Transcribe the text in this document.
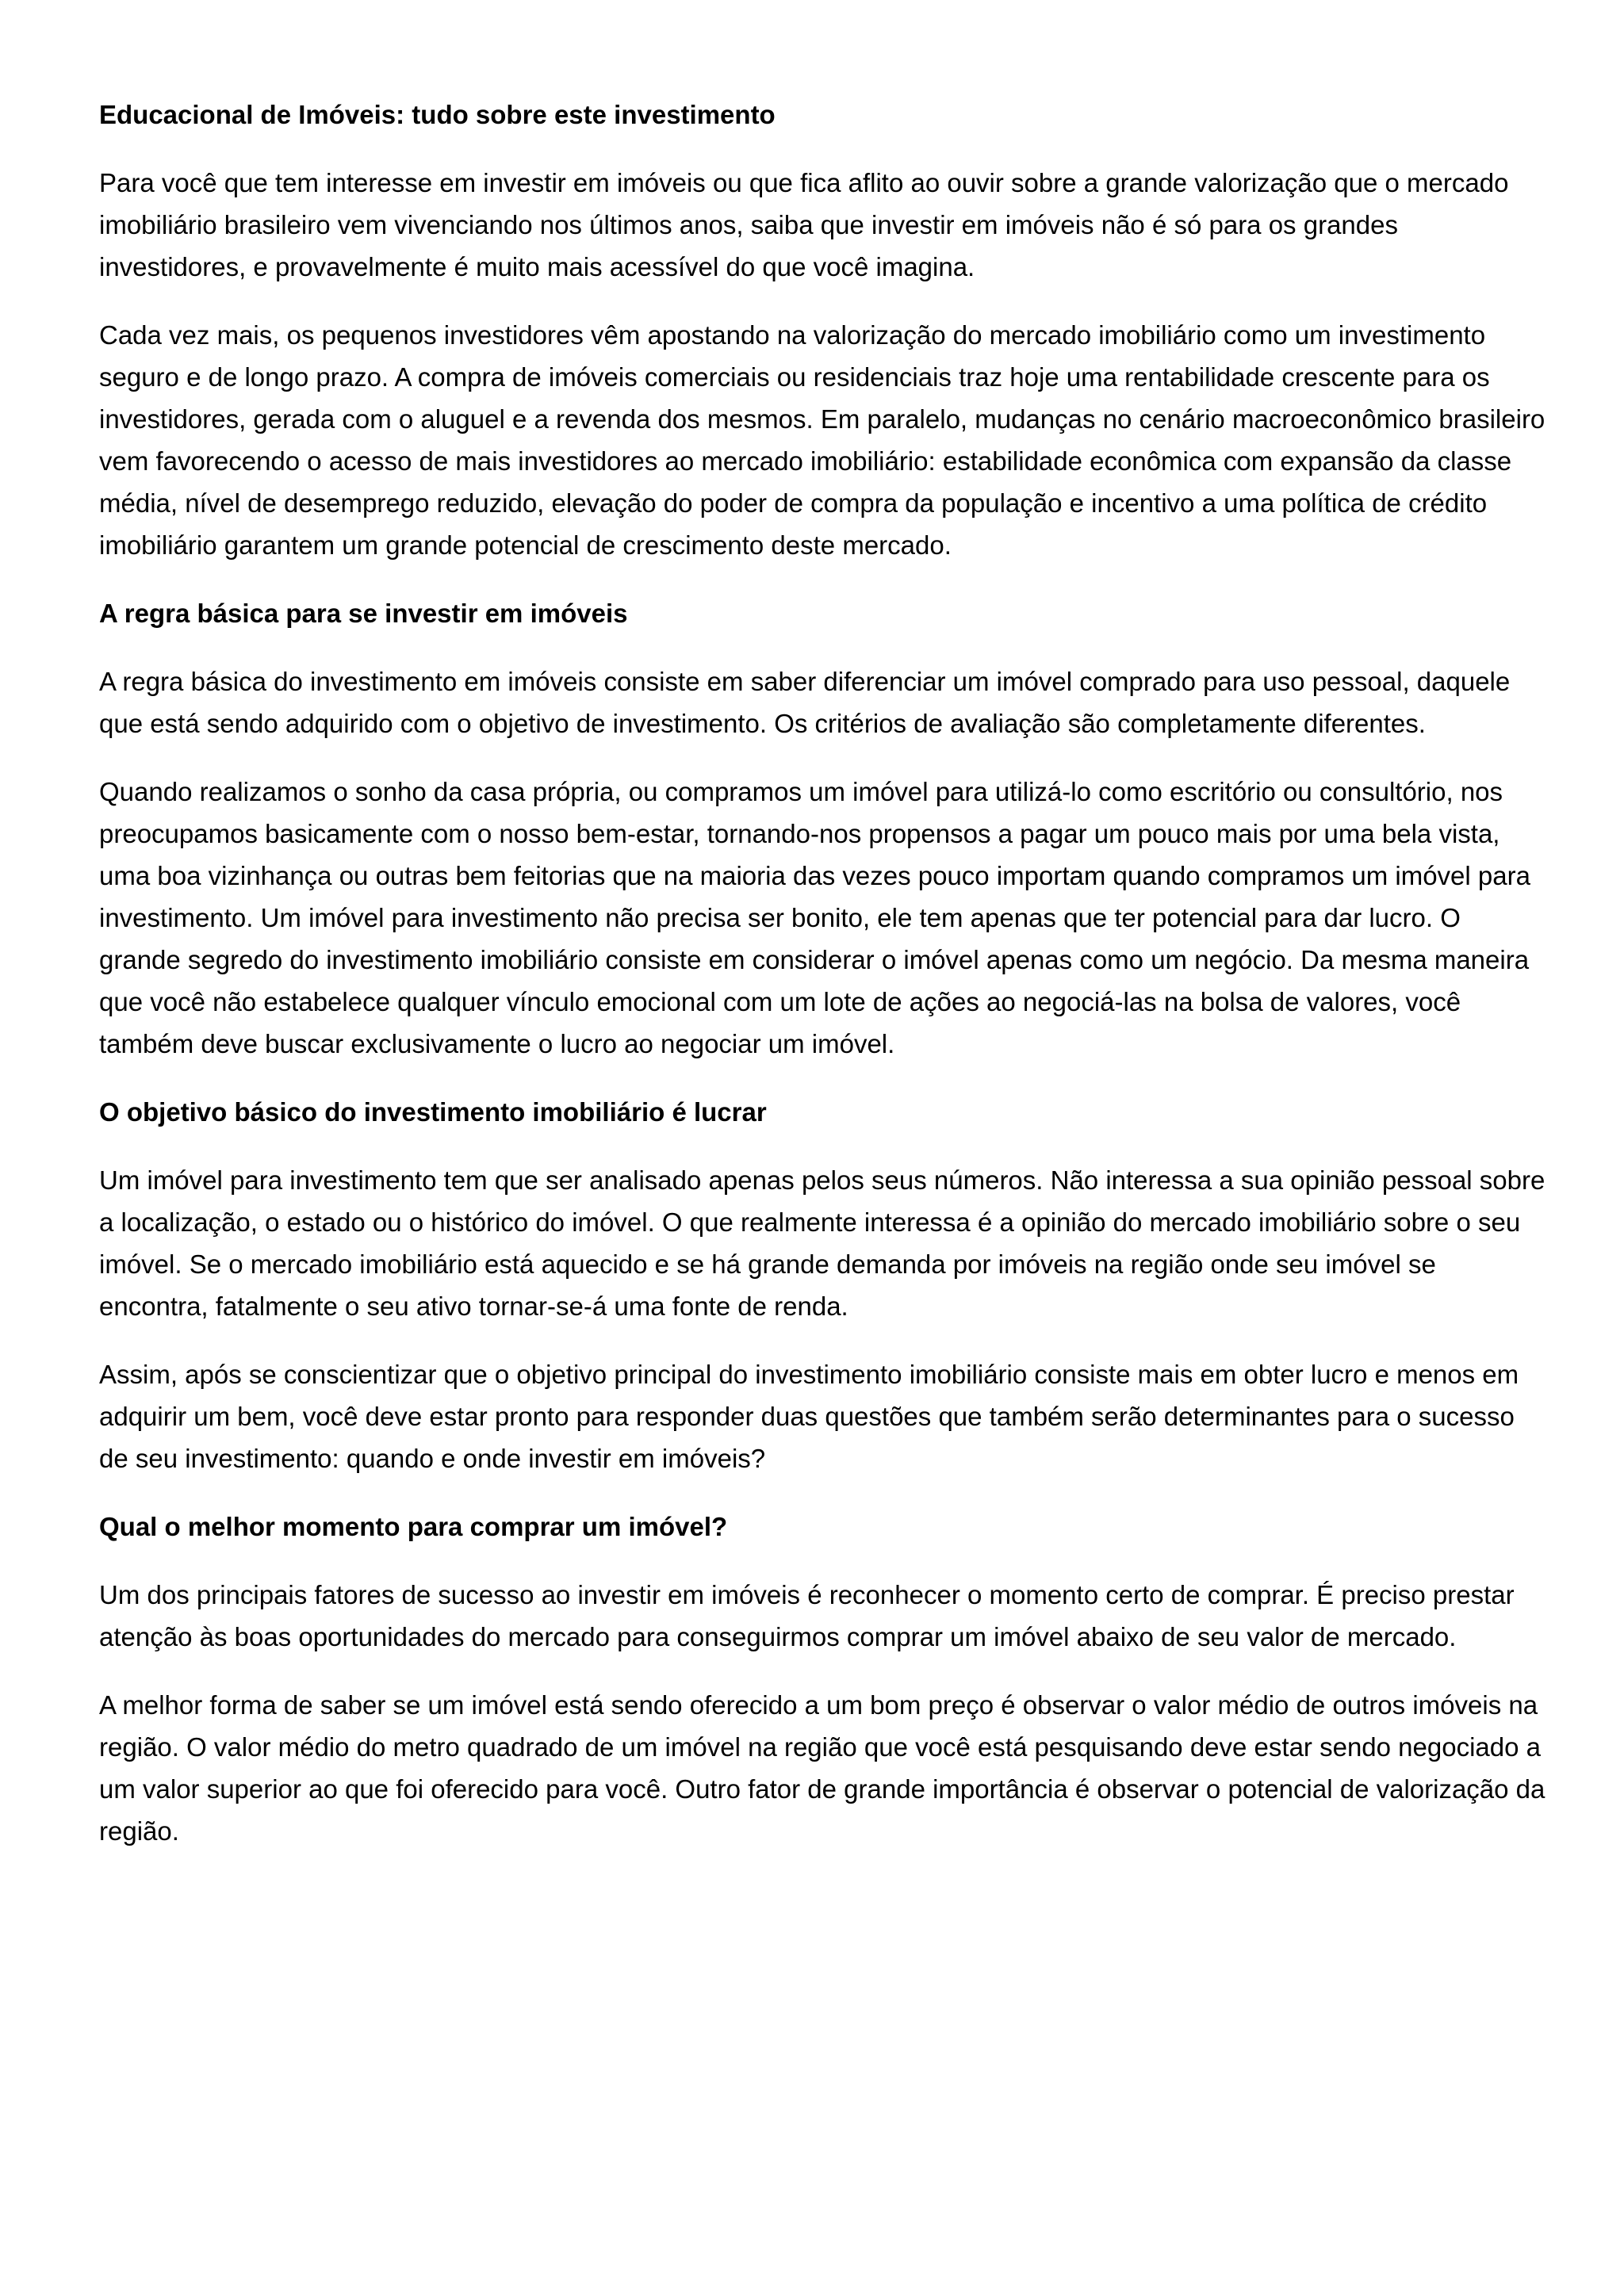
Educacional de Imóveis: tudo sobre este investimento

Para você que tem interesse em investir em imóveis ou que fica aflito ao ouvir sobre a grande valorização que o mercado imobiliário brasileiro vem vivenciando nos últimos anos, saiba que investir em imóveis não é só para os grandes investidores, e provavelmente é muito mais acessível do que você imagina.

Cada vez mais, os pequenos investidores vêm apostando na valorização do mercado imobiliário como um investimento seguro e de longo prazo. A compra de imóveis comerciais ou residenciais traz hoje uma rentabilidade crescente para os investidores, gerada com o aluguel e a revenda dos mesmos. Em paralelo, mudanças no cenário macroeconômico brasileiro vem favorecendo o acesso de mais investidores ao mercado imobiliário: estabilidade econômica com expansão da classe média, nível de desemprego reduzido, elevação do poder de compra da população e incentivo a uma política de crédito imobiliário garantem um grande potencial de crescimento deste mercado.

A regra básica para se investir em imóveis

A regra básica do investimento em imóveis consiste em saber diferenciar um imóvel comprado para uso pessoal, daquele que está sendo adquirido com o objetivo de investimento. Os critérios de avaliação são completamente diferentes.

Quando realizamos o sonho da casa própria, ou compramos um imóvel para utilizá-lo como escritório ou consultório, nos preocupamos basicamente com o nosso bem-estar, tornando-nos propensos a pagar um pouco mais por uma bela vista, uma boa vizinhança ou outras bem feitorias que na maioria das vezes pouco importam quando compramos um imóvel para investimento. Um imóvel para investimento não precisa ser bonito, ele tem apenas que ter potencial para dar lucro. O grande segredo do investimento imobiliário consiste em considerar o imóvel apenas como um negócio. Da mesma maneira que você não estabelece qualquer vínculo emocional com um lote de ações ao negociá-las na bolsa de valores, você também deve buscar exclusivamente o lucro ao negociar um imóvel.

O objetivo básico do investimento imobiliário é lucrar

Um imóvel para investimento tem que ser analisado apenas pelos seus números. Não interessa a sua opinião pessoal sobre a localização, o estado ou o histórico do imóvel. O que realmente interessa é a opinião do mercado imobiliário sobre o seu imóvel. Se o mercado imobiliário está aquecido e se há grande demanda por imóveis na região onde seu imóvel se encontra, fatalmente o seu ativo tornar-se-á uma fonte de renda.

Assim, após se conscientizar que o objetivo principal do investimento imobiliário consiste mais em obter lucro e menos em adquirir um bem, você deve estar pronto para responder duas questões que também serão determinantes para o sucesso de seu investimento: quando e onde investir em imóveis?

Qual o melhor momento para comprar um imóvel?

Um dos principais fatores de sucesso ao investir em imóveis é reconhecer o momento certo de comprar. É preciso prestar atenção às boas oportunidades do mercado para conseguirmos comprar um imóvel abaixo de seu valor de mercado.

A melhor forma de saber se um imóvel está sendo oferecido a um bom preço é observar o valor médio de outros imóveis na região. O valor médio do metro quadrado de um imóvel na região que você está pesquisando deve estar sendo negociado a um valor superior ao que foi oferecido para você. Outro fator de grande importância é observar o potencial de valorização da região.
